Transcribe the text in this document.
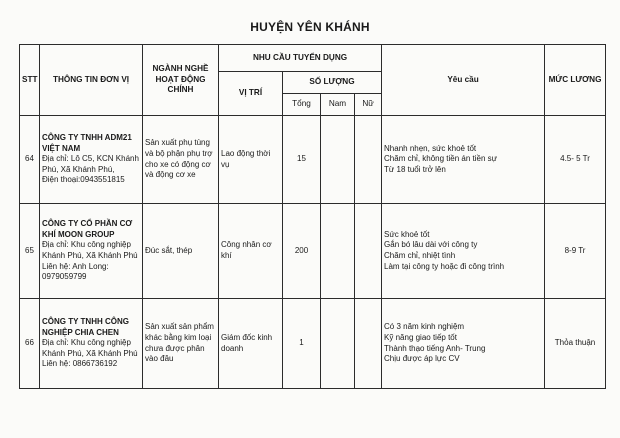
HUYỆN YÊN KHÁNH
STT	THÔNG TIN ĐƠN VỊ	NGÀNH NGHỀ HOẠT ĐỘNG CHÍNH	NHU CẦU TUYỂN DỤNG				Yêu cầu	MỨC LƯƠNG
			VỊ TRÍ	SỐ LƯỢNG				
				Tổng	Nam	Nữ		
64	CÔNG TY TNHH ADM21 VIỆT NAM
Địa chỉ: Lô C5, KCN Khánh Phú, Xã Khánh Phú,
Điện thoại:0943551815	Sản xuất phụ tùng và bộ phận phụ trợ cho xe có động cơ và động cơ xe	Lao động thời vụ	15			Nhanh nhẹn, sức khoẻ tốt
Chăm chỉ, không tiền án tiền sự
Từ 18 tuổi trở lên	4.5- 5 Tr
65	CÔNG TY CỔ PHẦN CƠ KHÍ MOON GROUP
Địa chỉ: Khu công nghiệp Khánh Phú, Xã Khánh Phú
Liên hệ: Anh Long: 0979059799	Đúc sắt, thép	Công nhân cơ khí	200			Sức khoẻ tốt
Gắn bó lâu dài với công ty
Chăm chỉ, nhiệt tình
Làm tại công ty hoặc đi công trình	8-9 Tr
66	CÔNG TY TNHH CÔNG NGHIỆP CHIA CHEN
Địa chỉ: Khu công nghiệp Khánh Phú, Xã Khánh Phú
Liên hệ: 0866736192	Sản xuất sản phẩm khác bằng kim loại chưa được phân vào đâu	Giám đốc kinh doanh	1			Có 3 năm kinh nghiệm
Kỹ năng giao tiếp tốt
Thành thạo tiếng Anh- Trung
Chịu được áp lực CV	Thỏa thuận
